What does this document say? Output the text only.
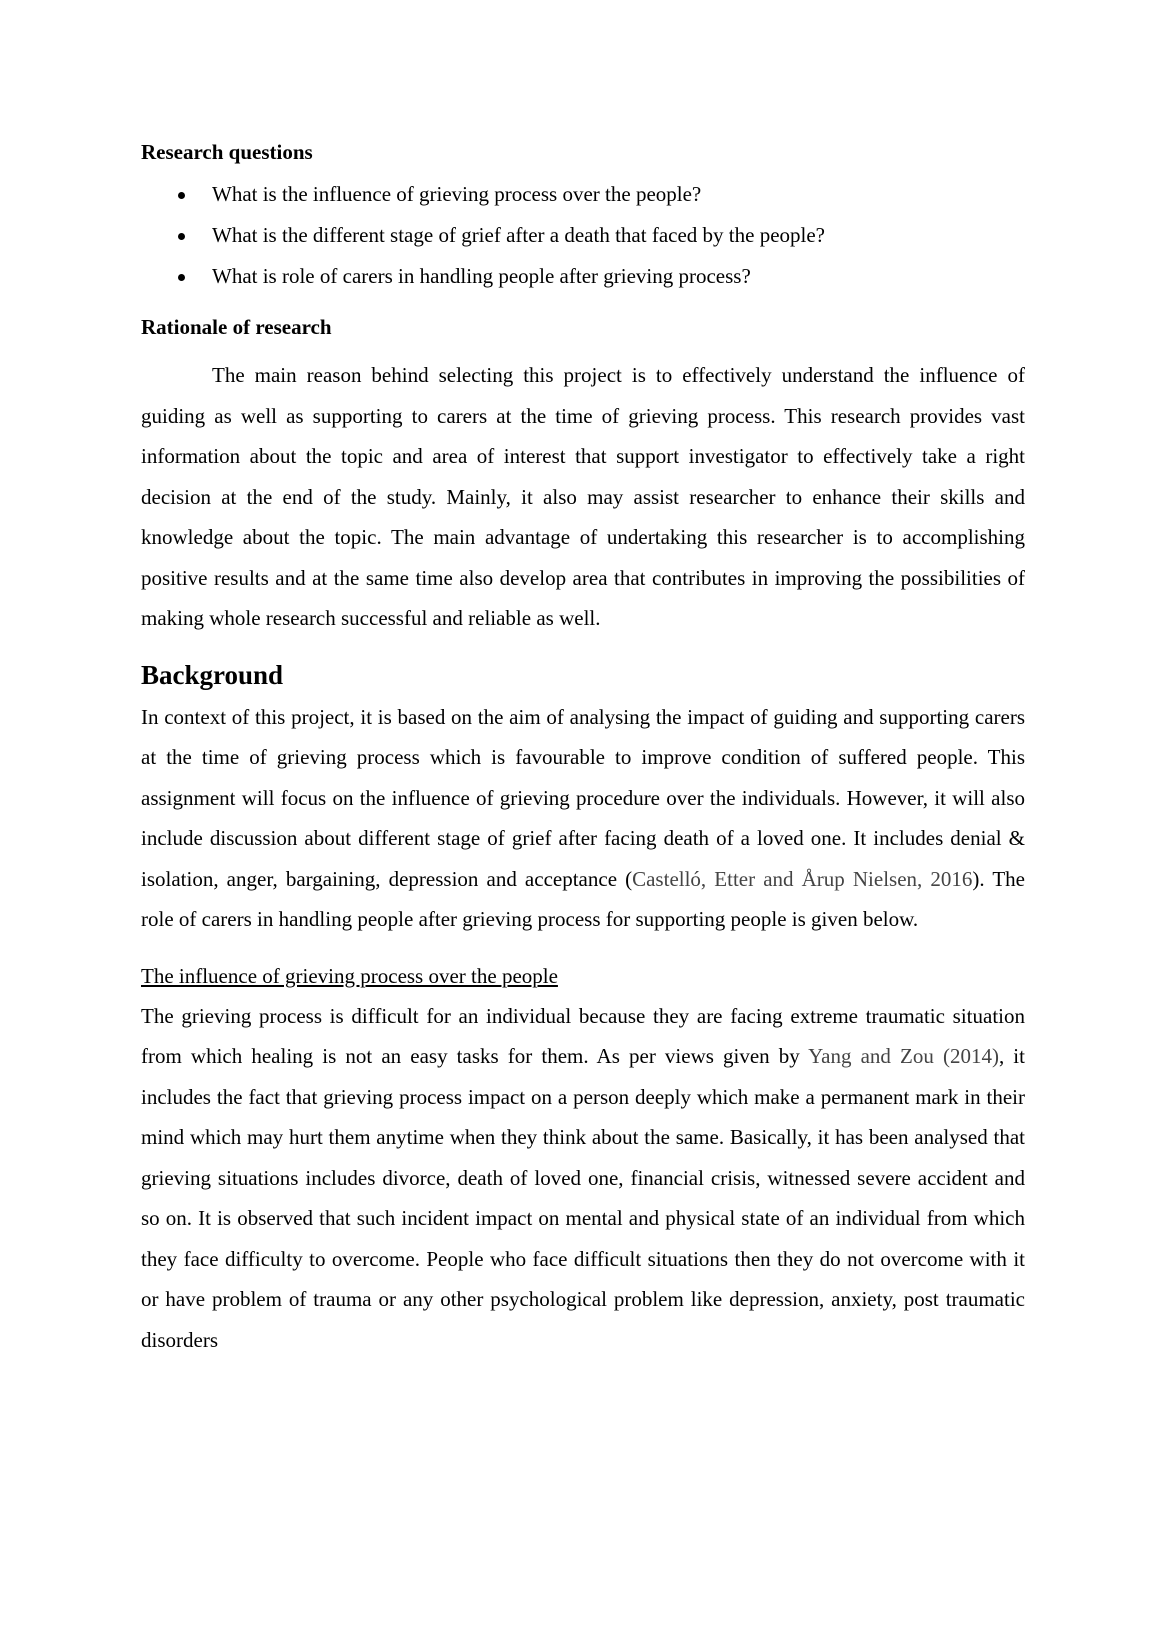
Research questions

What is the influence of grieving process over the people?
What is the different stage of grief after a death that faced by the people?
What is role of carers in handling people after grieving process?

Rationale of research

The main reason behind selecting this project is to effectively understand the influence of guiding as well as supporting to carers at the time of grieving process. This research provides vast information about the topic and area of interest that support investigator to effectively take a right decision at the end of the study. Mainly, it also may assist researcher to enhance their skills and knowledge about the topic. The main advantage of undertaking this researcher is to accomplishing positive results and at the same time also develop area that contributes in improving the possibilities of making whole research successful and reliable as well.

Background

In context of this project, it is based on the aim of analysing the impact of guiding and supporting carers at the time of grieving process which is favourable to improve condition of suffered people. This assignment will focus on the influence of grieving procedure over the individuals. However, it will also include discussion about different stage of grief after facing death of a loved one. It includes denial & isolation, anger, bargaining, depression and acceptance (Castelló, Etter and Årup Nielsen, 2016). The role of carers in handling people after grieving process for supporting people is given below.

The influence of grieving process over the people

The grieving process is difficult for an individual because they are facing extreme traumatic situation from which healing is not an easy tasks for them. As per views given by Yang and Zou (2014), it includes the fact that grieving process impact on a person deeply which make a permanent mark in their mind which may hurt them anytime when they think about the same. Basically, it has been analysed that grieving situations includes divorce, death of loved one, financial crisis, witnessed severe accident and so on. It is observed that such incident impact on mental and physical state of an individual from which they face difficulty to overcome. People who face difficult situations then they do not overcome with it or have problem of trauma or any other psychological problem like depression, anxiety, post traumatic disorders
